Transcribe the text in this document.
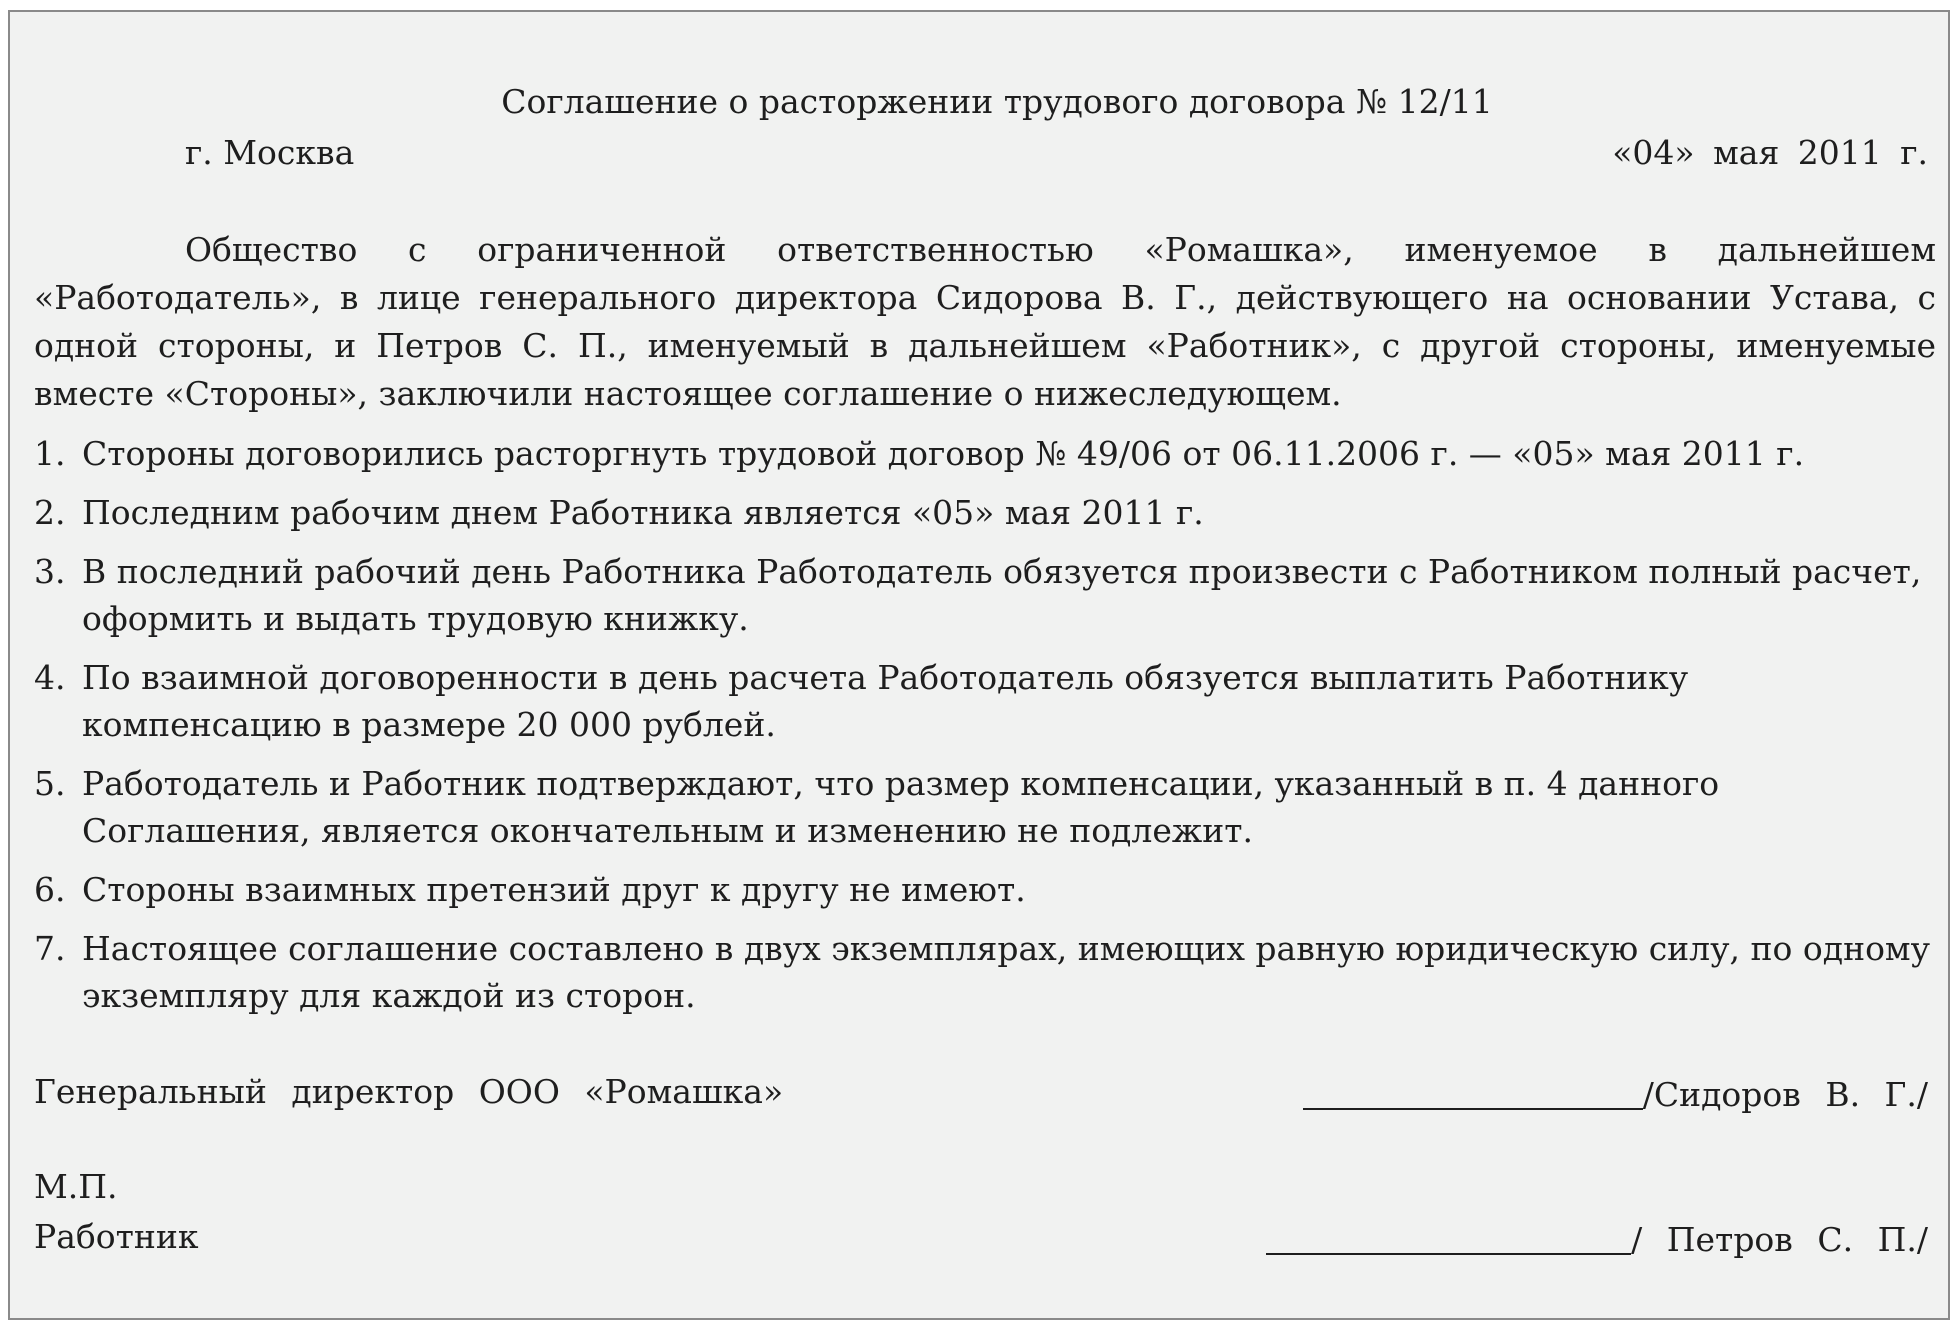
Соглашение о расторжении трудового договора № 12/11
г. Москва	«04» мая 2011 г.
Общество с ограниченной ответственностью «Ромашка», именуемое в дальнейшем «Работодатель», в лице генерального директора Сидорова В. Г., действующего на основании Устава, с одной стороны, и Петров С. П., именуемый в дальнейшем «Работник», с другой стороны, именуемые вместе «Стороны», заключили настоящее соглашение о нижеследующем.
1. Стороны договорились расторгнуть трудовой договор № 49/06 от 06.11.2006 г. — «05» мая 2011 г.
2. Последним рабочим днем Работника является «05» мая 2011 г.
3. В последний рабочий день Работника Работодатель обязуется произвести с Работником полный расчет, оформить и выдать трудовую книжку.
4. По взаимной договоренности в день расчета Работодатель обязуется выплатить Работнику компенсацию в размере 20 000 рублей.
5. Работодатель и Работник подтверждают, что размер компенсации, указанный в п. 4 данного Соглашения, является окончательным и изменению не подлежит.
6. Стороны взаимных претензий друг к другу не имеют.
7. Настоящее соглашение составлено в двух экземплярах, имеющих равную юридическую силу, по одному экземпляру для каждой из сторон.
Генеральный директор ООО «Ромашка»	/Сидоров В. Г./
М.П.
Работник	/ Петров С. П./
